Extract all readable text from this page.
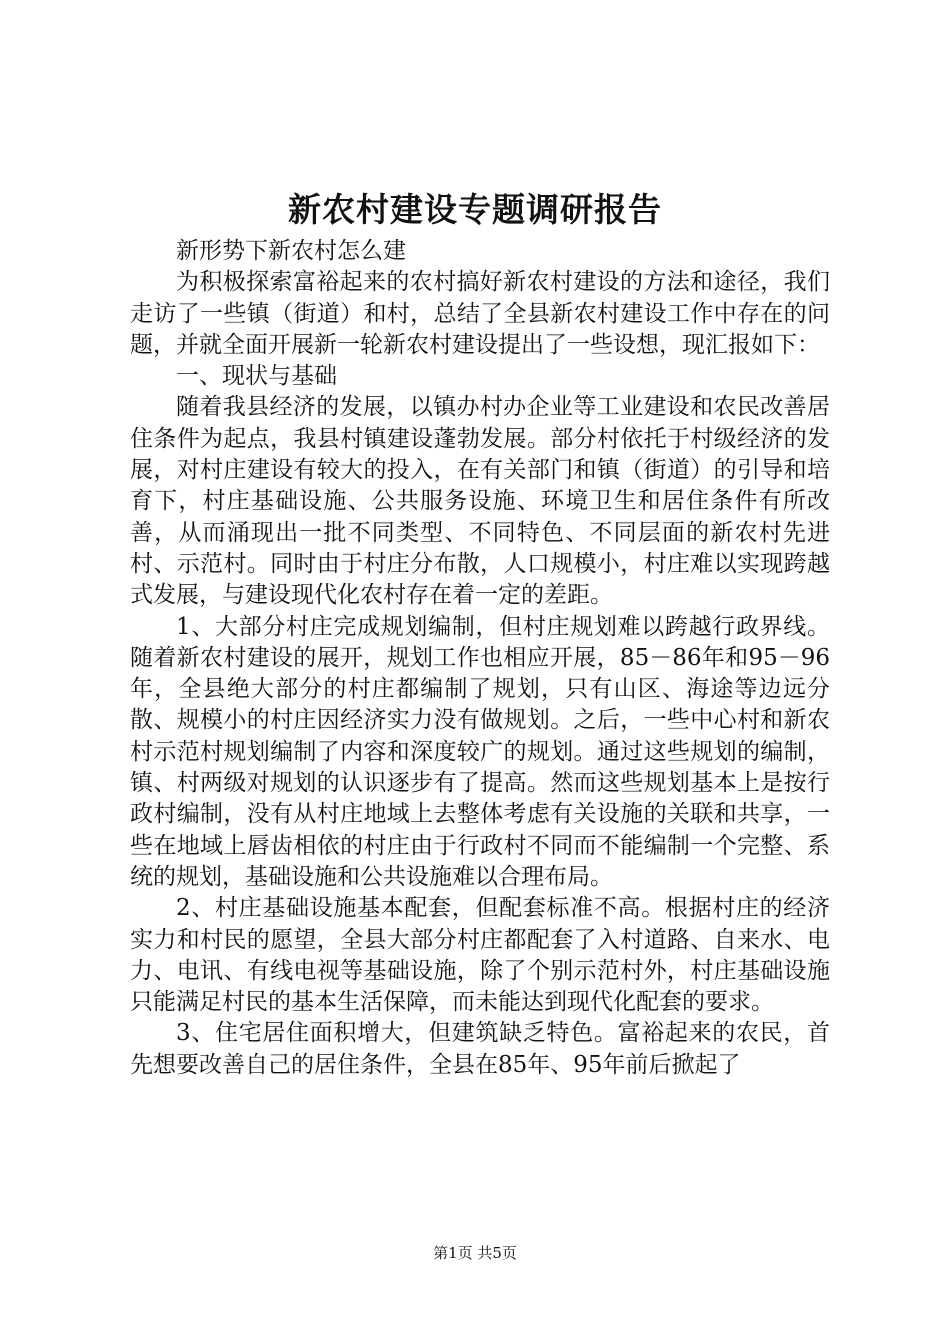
新农村建设专题调研报告

新形势下新农村怎么建

为积极探索富裕起来的农村搞好新农村建设的方法和途径，我们走访了一些镇（街道）和村，总结了全县新农村建设工作中存在的问题，并就全面开展新一轮新农村建设提出了一些设想，现汇报如下：

一、现状与基础

随着我县经济的发展，以镇办村办企业等工业建设和农民改善居住条件为起点，我县村镇建设蓬勃发展。部分村依托于村级经济的发展，对村庄建设有较大的投入，在有关部门和镇（街道）的引导和培育下，村庄基础设施、公共服务设施、环境卫生和居住条件有所改善，从而涌现出一批不同类型、不同特色、不同层面的新农村先进村、示范村。同时由于村庄分布散，人口规模小，村庄难以实现跨越式发展，与建设现代化农村存在着一定的差距。

1、大部分村庄完成规划编制，但村庄规划难以跨越行政界线。随着新农村建设的展开，规划工作也相应开展，85－86年和95－96年，全县绝大部分的村庄都编制了规划，只有山区、海途等边远分散、规模小的村庄因经济实力没有做规划。之后，一些中心村和新农村示范村规划编制了内容和深度较广的规划。通过这些规划的编制，镇、村两级对规划的认识逐步有了提高。然而这些规划基本上是按行政村编制，没有从村庄地域上去整体考虑有关设施的关联和共享，一些在地域上唇齿相依的村庄由于行政村不同而不能编制一个完整、系统的规划，基础设施和公共设施难以合理布局。

2、村庄基础设施基本配套，但配套标准不高。根据村庄的经济实力和村民的愿望，全县大部分村庄都配套了入村道路、自来水、电力、电讯、有线电视等基础设施，除了个别示范村外，村庄基础设施只能满足村民的基本生活保障，而未能达到现代化配套的要求。

3、住宅居住面积增大，但建筑缺乏特色。富裕起来的农民，首先想要改善自己的居住条件，全县在85年、95年前后掀起了

第1页 共5页
